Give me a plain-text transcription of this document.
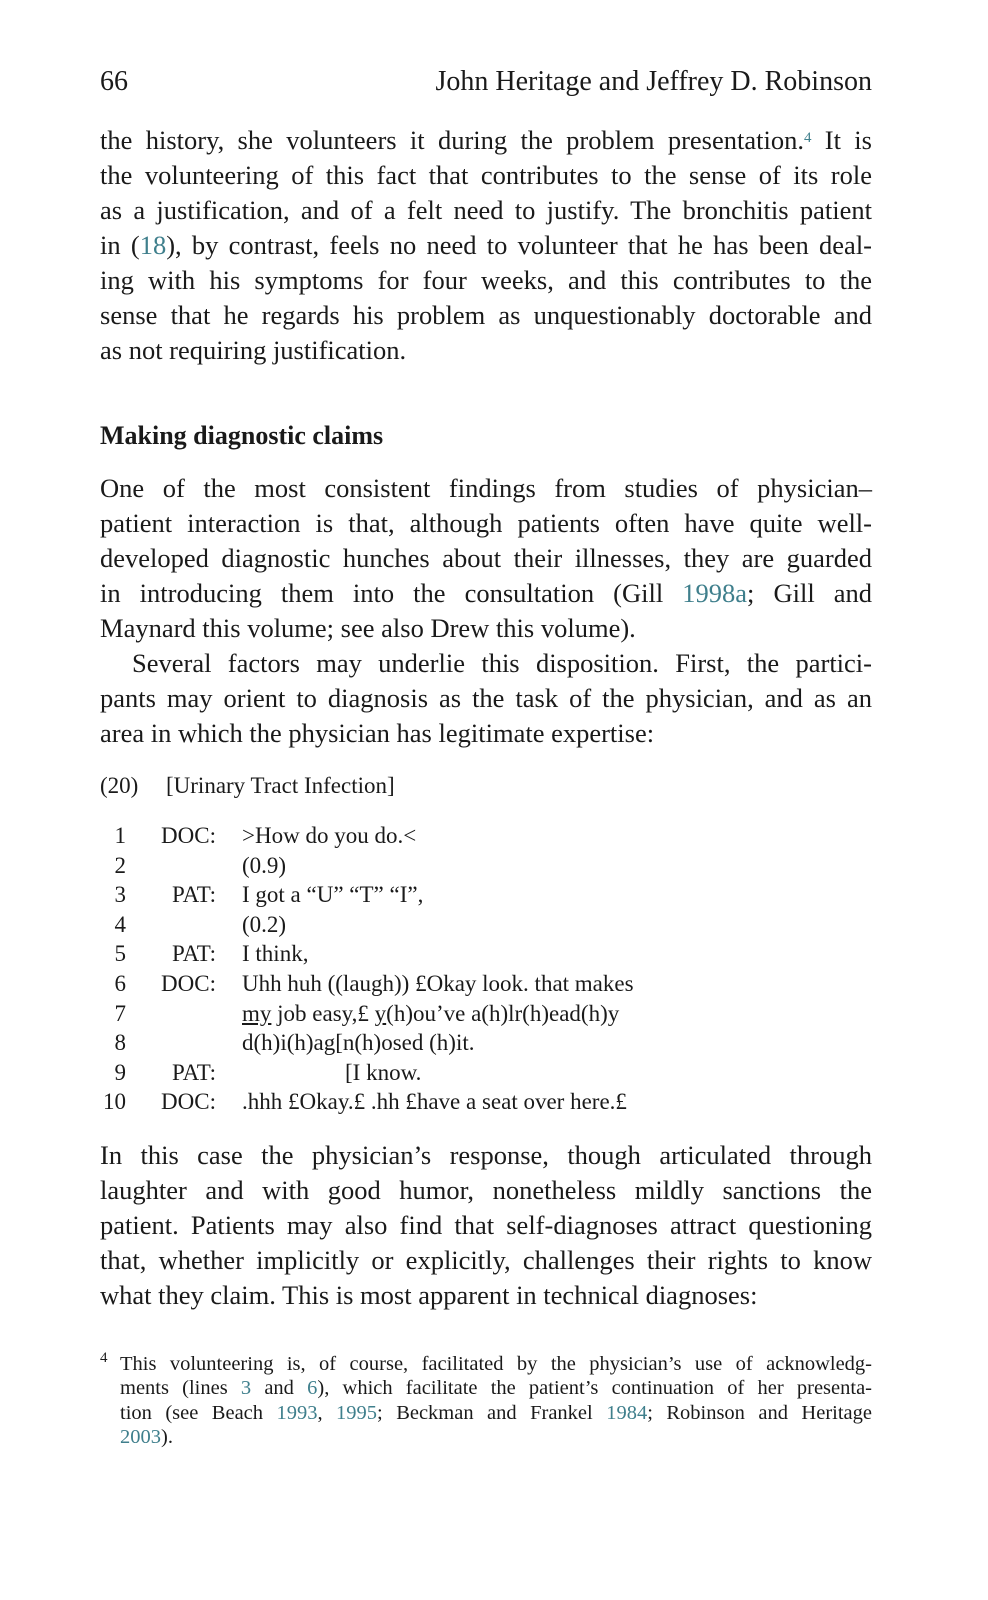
66	John Heritage and Jeffrey D. Robinson
the history, she volunteers it during the problem presentation.$^4$ It is
the volunteering of this fact that contributes to the sense of its role
as a justification, and of a felt need to justify. The bronchitis patient
in (18), by contrast, feels no need to volunteer that he has been deal-
ing with his symptoms for four weeks, and this contributes to the
sense that he regards his problem as unquestionably doctorable and
as not requiring justification.
Making diagnostic claims
One of the most consistent findings from studies of physician–
patient interaction is that, although patients often have quite well-
developed diagnostic hunches about their illnesses, they are guarded
in introducing them into the consultation (Gill 1998a; Gill and
Maynard this volume; see also Drew this volume).
Several factors may underlie this disposition. First, the partici-
pants may orient to diagnosis as the task of the physician, and as an
area in which the physician has legitimate expertise:
(20) [Urinary Tract Infection]
1	DOC: >How do you do.<
2	(0.9)
3	PAT: I got a “U” “T” “I”,
4	(0.2)
5	PAT: I think,
6	DOC: Uhh huh ((laugh)) £Okay look. that makes
7	my job easy,£ y(h)ou’ve a(h)lr(h)ead(h)y
8	d(h)i(h)ag[n(h)osed (h)it.
9	PAT:	[I know.
10	DOC: .hhh £Okay.£ .hh £have a seat over here.£
In this case the physician’s response, though articulated through
laughter and with good humor, nonetheless mildly sanctions the
patient. Patients may also find that self-diagnoses attract questioning
that, whether implicitly or explicitly, challenges their rights to know
what they claim. This is most apparent in technical diagnoses:
4 This volunteering is, of course, facilitated by the physician’s use of acknowledg-
ments (lines 3 and 6), which facilitate the patient’s continuation of her presenta-
tion (see Beach 1993, 1995; Beckman and Frankel 1984; Robinson and Heritage
2003).
